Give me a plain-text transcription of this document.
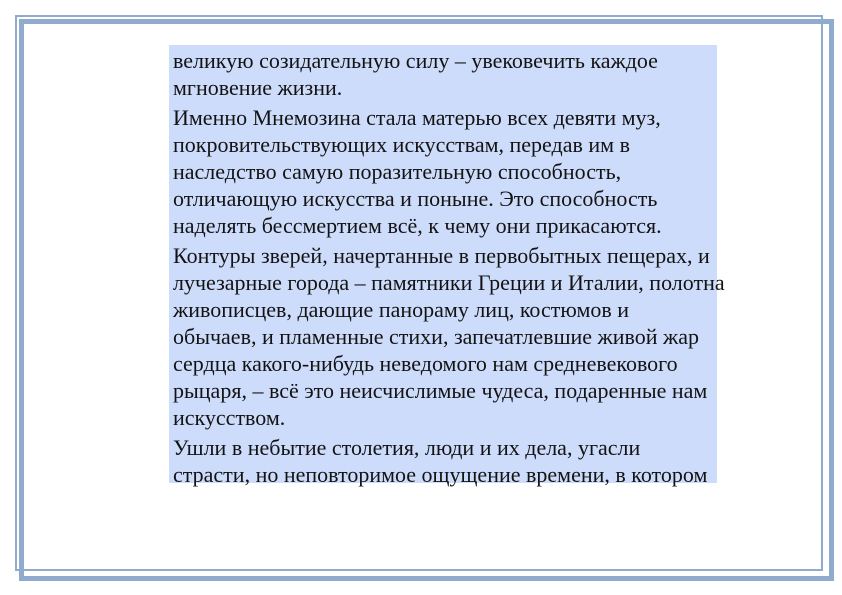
великую созидательную силу – увековечить каждое
мгновение жизни.
Именно Мнемозина стала матерью всех девяти муз,
покровительствующих искусствам, передав им в
наследство самую поразительную способность,
отличающую искусства и поныне. Это способность
наделять бессмертием всё, к чему они прикасаются.
Контуры зверей, начертанные в первобытных пещерах, и
лучезарные города – памятники Греции и Италии, полотна
живописцев, дающие панораму лиц, костюмов и
обычаев, и пламенные стихи, запечатлевшие живой жар
сердца какого-нибудь неведомого нам средневекового
рыцаря, – всё это неисчислимые чудеса, подаренные нам
искусством.
Ушли в небытие столетия, люди и их дела, угасли
страсти, но неповторимое ощущение времени, в котором
